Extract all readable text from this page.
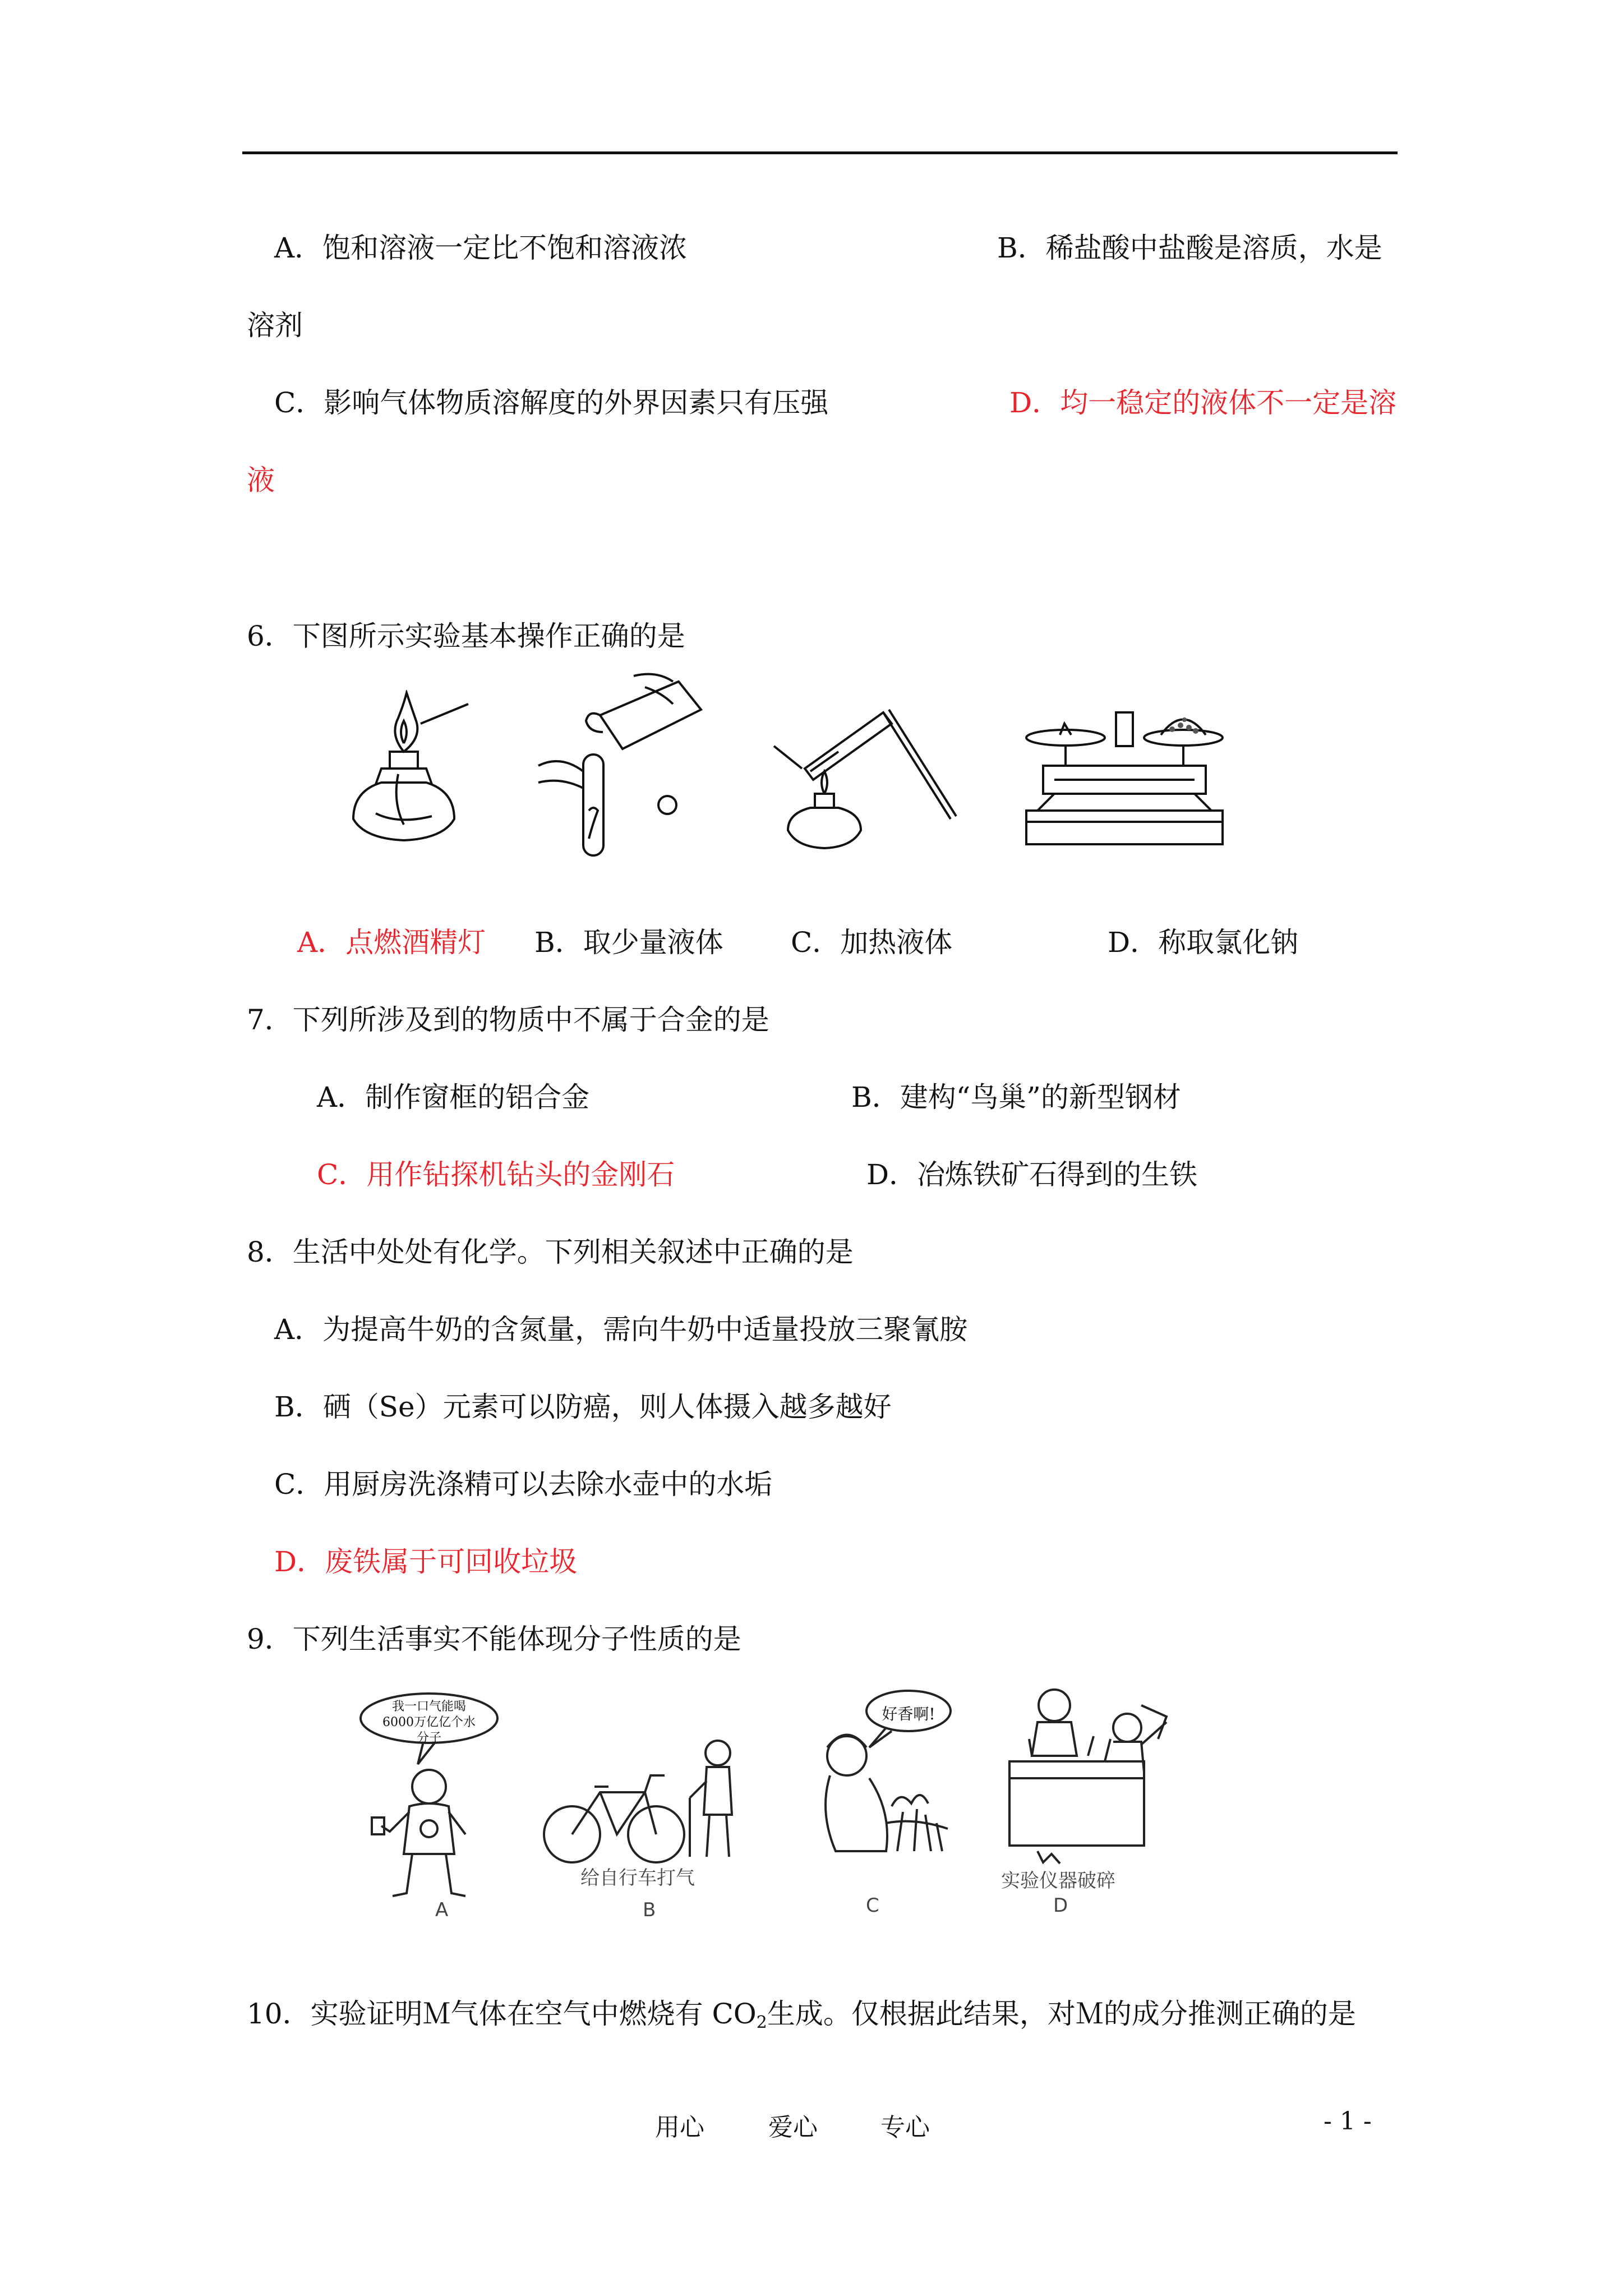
A．饱和溶液一定比不饱和溶液浓	B．稀盐酸中盐酸是溶质，水是
溶剂
C．影响气体物质溶解度的外界因素只有压强	D．均一稳定的液体不一定是溶
液
6．下图所示实验基本操作正确的是
A．点燃酒精灯 B．取少量液体 C．加热液体	D．称取氯化钠
7．下列所涉及到的物质中不属于合金的是
A．制作窗框的铝合金	B．建构“鸟巢”的新型钢材
C．用作钻探机钻头的金刚石	D．冶炼铁矿石得到的生铁
8．生活中处处有化学。下列相关叙述中正确的是
A．为提高牛奶的含氮量，需向牛奶中适量投放三聚氰胺
B．硒（Se）元素可以防癌，则人体摄入越多越好
C．用厨房洗涤精可以去除水壶中的水垢
D．废铁属于可回收垃圾
9．下列生活事实不能体现分子性质的是
我一口气能喝
6000万亿亿个水分子
给自行车打气
好香啊!
实验仪器破碎
A	B	C	D
10．实验证明Ｍ气体在空气中燃烧有 $CO_2$生成。仅根据此结果，对Ｍ的成分推测正确的是
用心	爱心	专心	- 1 -
